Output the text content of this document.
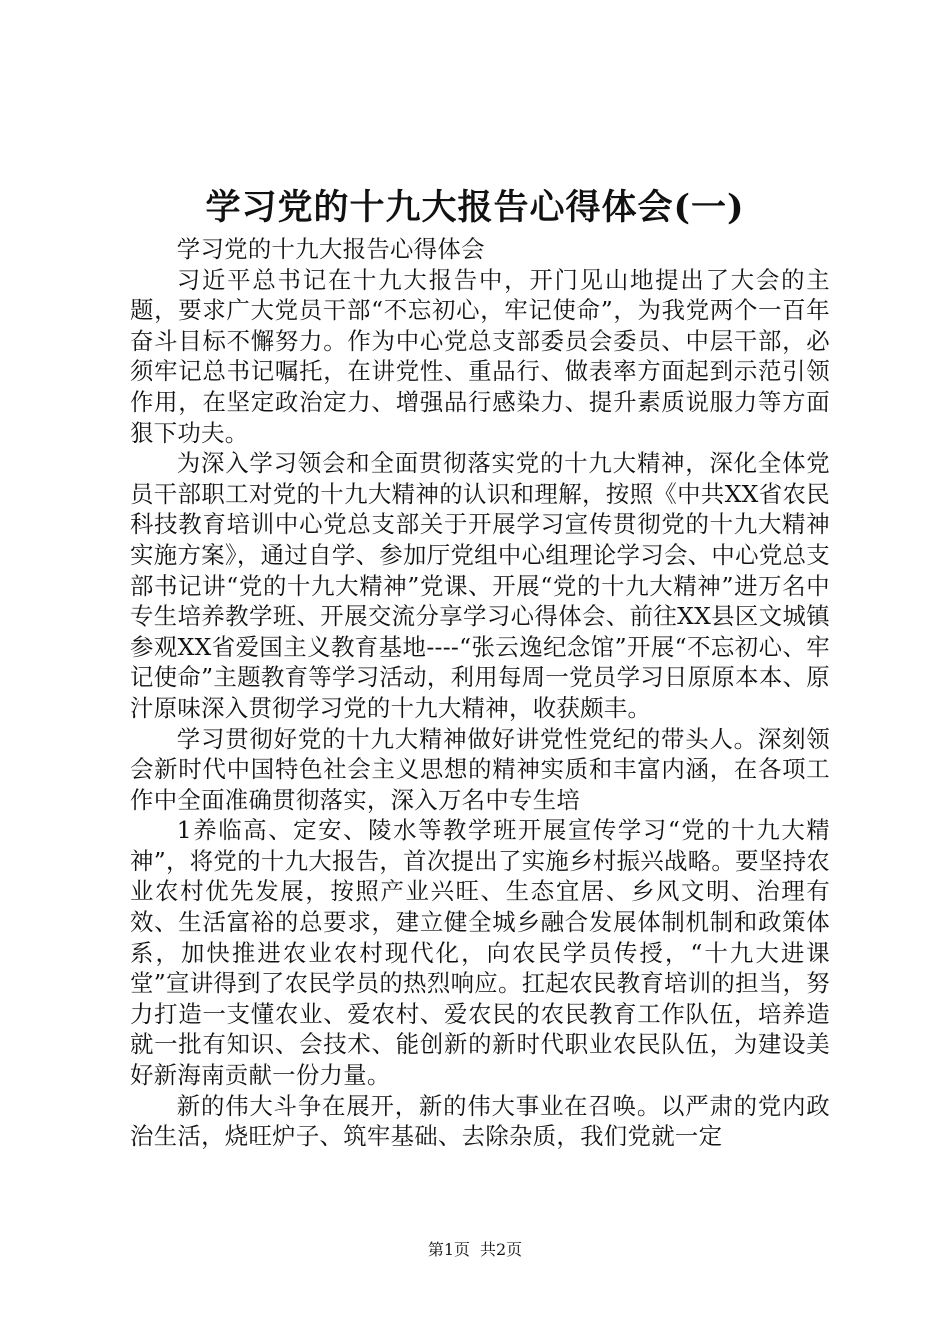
学习党的十九大报告心得体会(一)

学习党的十九大报告心得体会

习近平总书记在十九大报告中，开门见山地提出了大会的主题，要求广大党员干部“不忘初心，牢记使命”，为我党两个一百年奋斗目标不懈努力。作为中心党总支部委员会委员、中层干部，必须牢记总书记嘱托，在讲党性、重品行、做表率方面起到示范引领作用，在坚定政治定力、增强品行感染力、提升素质说服力等方面狠下功夫。

为深入学习领会和全面贯彻落实党的十九大精神，深化全体党员干部职工对党的十九大精神的认识和理解，按照《中共XX省农民科技教育培训中心党总支部关于开展学习宣传贯彻党的十九大精神实施方案》，通过自学、参加厅党组中心组理论学习会、中心党总支部书记讲“党的十九大精神”党课、开展“党的十九大精神”进万名中专生培养教学班、开展交流分享学习心得体会、前往XX县区文城镇参观XX省爱国主义教育基地----“张云逸纪念馆”开展“不忘初心、牢记使命”主题教育等学习活动，利用每周一党员学习日原原本本、原汁原味深入贯彻学习党的十九大精神，收获颇丰。

学习贯彻好党的十九大精神做好讲党性党纪的带头人。深刻领会新时代中国特色社会主义思想的精神实质和丰富内涵，在各项工作中全面准确贯彻落实，深入万名中专生培

1养临高、定安、陵水等教学班开展宣传学习“党的十九大精神”，将党的十九大报告，首次提出了实施乡村振兴战略。要坚持农业农村优先发展，按照产业兴旺、生态宜居、乡风文明、治理有效、生活富裕的总要求，建立健全城乡融合发展体制机制和政策体系，加快推进农业农村现代化，向农民学员传授，“十九大进课堂”宣讲得到了农民学员的热烈响应。扛起农民教育培训的担当，努力打造一支懂农业、爱农村、爱农民的农民教育工作队伍，培养造就一批有知识、会技术、能创新的新时代职业农民队伍，为建设美好新海南贡献一份力量。

新的伟大斗争在展开，新的伟大事业在召唤。以严肃的党内政治生活，烧旺炉子、筑牢基础、去除杂质，我们党就一定

第1页 共2页
